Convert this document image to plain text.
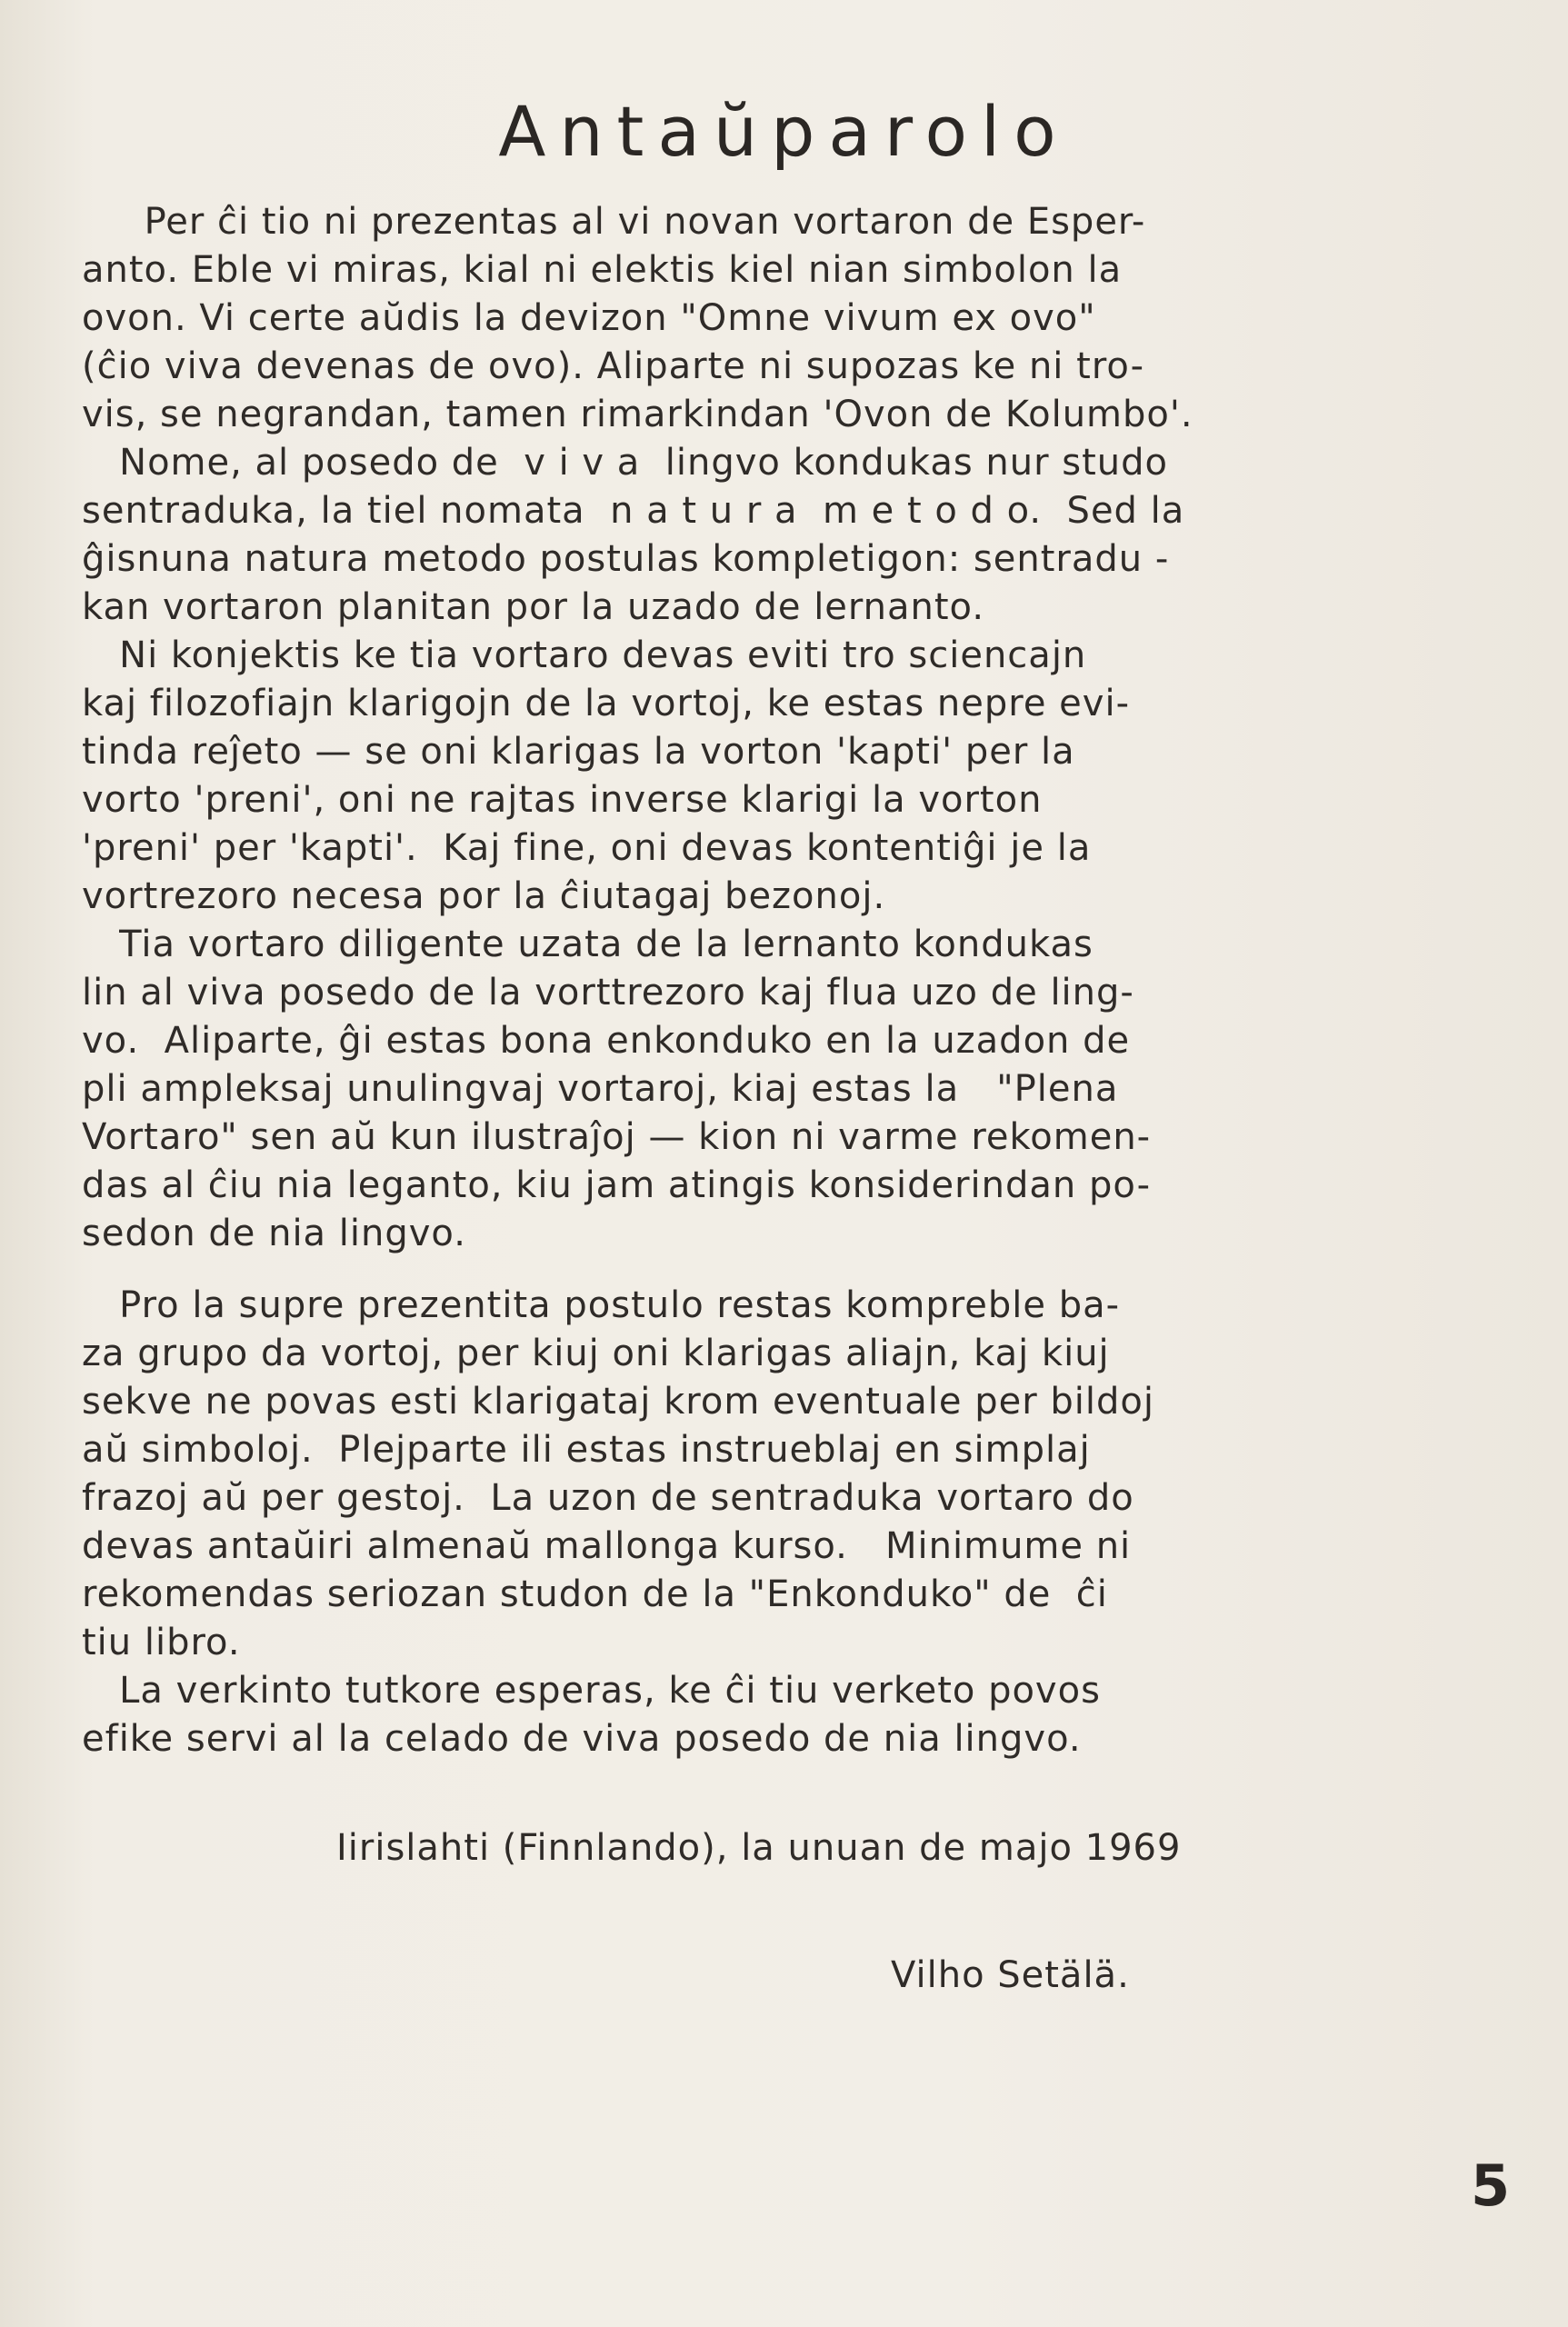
Antaŭparolo
Per ĉi tio ni prezentas al vi novan vortaron de Esper-
anto. Eble vi miras, kial ni elektis kiel nian simbolon la
ovon. Vi certe aŭdis la devizon "Omne vivum ex ovo"
(ĉio viva devenas de ovo). Aliparte ni supozas ke ni tro-
vis, se negrandan, tamen rimarkindan 'Ovon de Kolumbo'.
Nome, al posedo de  v i v a  lingvo kondukas nur studo
sentraduka, la tiel nomata  n a t u r a  m e t o d o.  Sed la
ĝisnuna natura metodo postulas kompletigon: sentradu -
kan vortaron planitan por la uzado de lernanto.
Ni konjektis ke tia vortaro devas eviti tro sciencajn
kaj filozofiajn klarigojn de la vortoj, ke estas nepre evi-
tinda reĵeto — se oni klarigas la vorton 'kapti' per la
vorto 'preni', oni ne rajtas inverse klarigi la vorton
'preni' per 'kapti'.  Kaj fine, oni devas kontentiĝi je la
vortrezoro necesa por la ĉiutagaj bezonoj.
Tia vortaro diligente uzata de la lernanto kondukas
lin al viva posedo de la vorttrezoro kaj flua uzo de ling-
vo.  Aliparte, ĝi estas bona enkonduko en la uzadon de
pli ampleksaj unulingvaj vortaroj, kiaj estas la   "Plena
Vortaro" sen aŭ kun ilustraĵoj — kion ni varme rekomen-
das al ĉiu nia leganto, kiu jam atingis konsiderindan po-
sedon de nia lingvo.
Pro la supre prezentita postulo restas kompreble ba-
za grupo da vortoj, per kiuj oni klarigas aliajn, kaj kiuj
sekve ne povas esti klarigataj krom eventuale per bildoj
aŭ simboloj.  Plejparte ili estas instrueblaj en simplaj
frazoj aŭ per gestoj.  La uzon de sentraduka vortaro do
devas antaŭiri almenaŭ mallonga kurso.   Minimume ni
rekomendas seriozan studon de la "Enkonduko" de  ĉi
tiu libro.
La verkinto tutkore esperas, ke ĉi tiu verketo povos
efike servi al la celado de viva posedo de nia lingvo.
Iirislahti (Finnlando), la unuan de majo 1969
Vilho Setälä.
5
